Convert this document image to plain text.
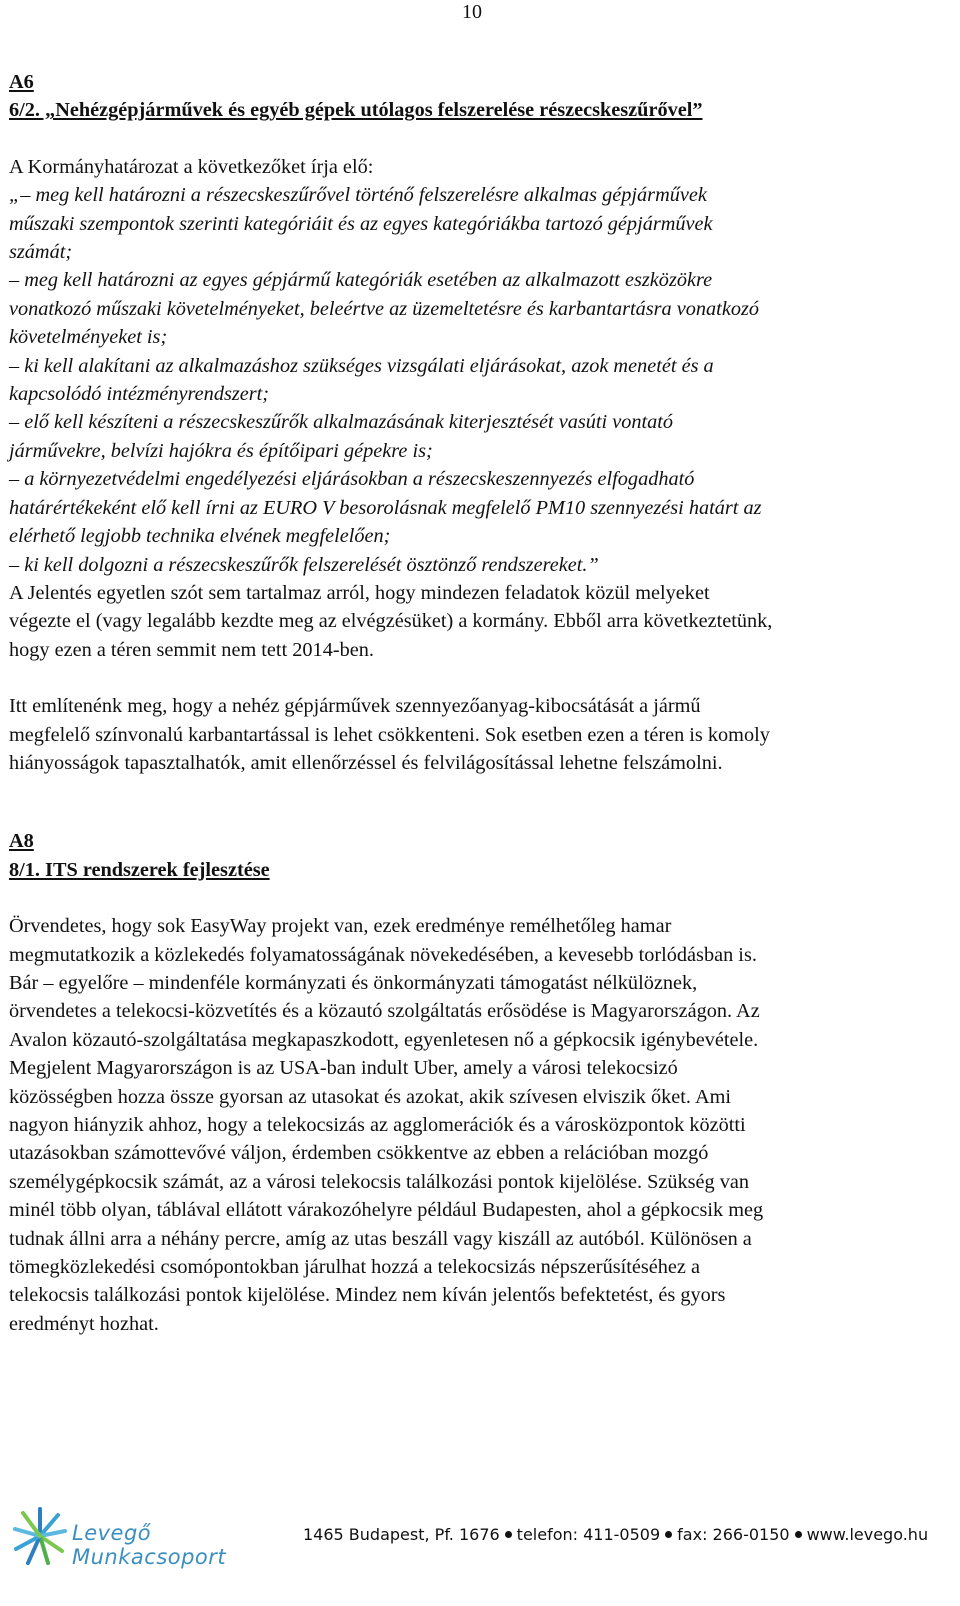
10

A6

6/2. „Nehézgépjárművek és egyéb gépek utólagos felszerelése részecskeszűrővel”

A Kormányhatározat a következőket írja elő:

„– meg kell határozni a részecskeszűrővel történő felszerelésre alkalmas gépjárművek

műszaki szempontok szerinti kategóriáit és az egyes kategóriákba tartozó gépjárművek

számát;

– meg kell határozni az egyes gépjármű kategóriák esetében az alkalmazott eszközökre

vonatkozó műszaki követelményeket, beleértve az üzemeltetésre és karbantartásra vonatkozó

követelményeket is;

– ki kell alakítani az alkalmazáshoz szükséges vizsgálati eljárásokat, azok menetét és a

kapcsolódó intézményrendszert;

– elő kell készíteni a részecskeszűrők alkalmazásának kiterjesztését vasúti vontató

járművekre, belvízi hajókra és építőipari gépekre is;

– a környezetvédelmi engedélyezési eljárásokban a részecskeszennyezés elfogadható

határértékeként elő kell írni az EURO V besorolásnak megfelelő PM10 szennyezési határt az

elérhető legjobb technika elvének megfelelően;

– ki kell dolgozni a részecskeszűrők felszerelését ösztönző rendszereket.”

A Jelentés egyetlen szót sem tartalmaz arról, hogy mindezen feladatok közül melyeket

végezte el (vagy legalább kezdte meg az elvégzésüket) a kormány. Ebből arra következtetünk,

hogy ezen a téren semmit nem tett 2014-ben.

Itt említenénk meg, hogy a nehéz gépjárművek szennyezőanyag-kibocsátását a jármű

megfelelő színvonalú karbantartással is lehet csökkenteni. Sok esetben ezen a téren is komoly

hiányosságok tapasztalhatók, amit ellenőrzéssel és felvilágosítással lehetne felszámolni.

A8

8/1. ITS rendszerek fejlesztése

Örvendetes, hogy sok EasyWay projekt van, ezek eredménye remélhetőleg hamar

megmutatkozik a közlekedés folyamatosságának növekedésében, a kevesebb torlódásban is.

Bár – egyelőre – mindenféle kormányzati és önkormányzati támogatást nélkülöznek,

örvendetes a telekocsi-közvetítés és a közautó szolgáltatás erősödése is Magyarországon. Az

Avalon közautó-szolgáltatása megkapaszkodott, egyenletesen nő a gépkocsik igénybevétele.

Megjelent Magyarországon is az USA-ban indult Uber, amely a városi telekocsizó

közösségben hozza össze gyorsan az utasokat és azokat, akik szívesen elviszik őket. Ami

nagyon hiányzik ahhoz, hogy a telekocsizás az agglomerációk és a városközpontok közötti

utazásokban számottevővé váljon, érdemben csökkentve az ebben a relációban mozgó

személygépkocsik számát, az a városi telekocsis találkozási pontok kijelölése. Szükség van

minél több olyan, táblával ellátott várakozóhelyre például Budapesten, ahol a gépkocsik meg

tudnak állni arra a néhány percre, amíg az utas beszáll vagy kiszáll az autóból. Különösen a

tömegközlekedési csomópontokban járulhat hozzá a telekocsizás népszerűsítéséhez a

telekocsis találkozási pontok kijelölése. Mindez nem kíván jelentős befektetést, és gyors

eredményt hozhat.

Levegő Munkacsoport
1465 Budapest, Pf. 1676 telefon: 411-0509 fax: 266-0150 www.levego.hu
